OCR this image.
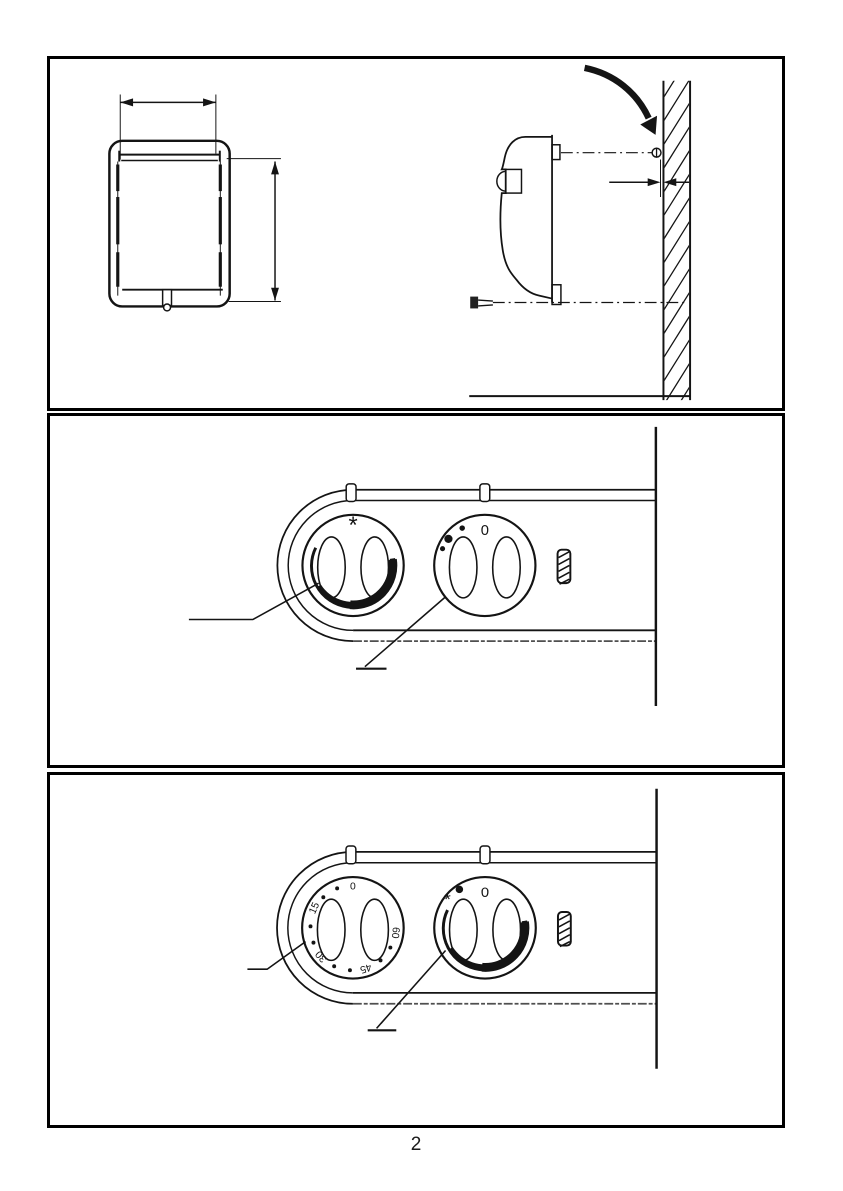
*	0
0
15
30
45
60
* 0
2
